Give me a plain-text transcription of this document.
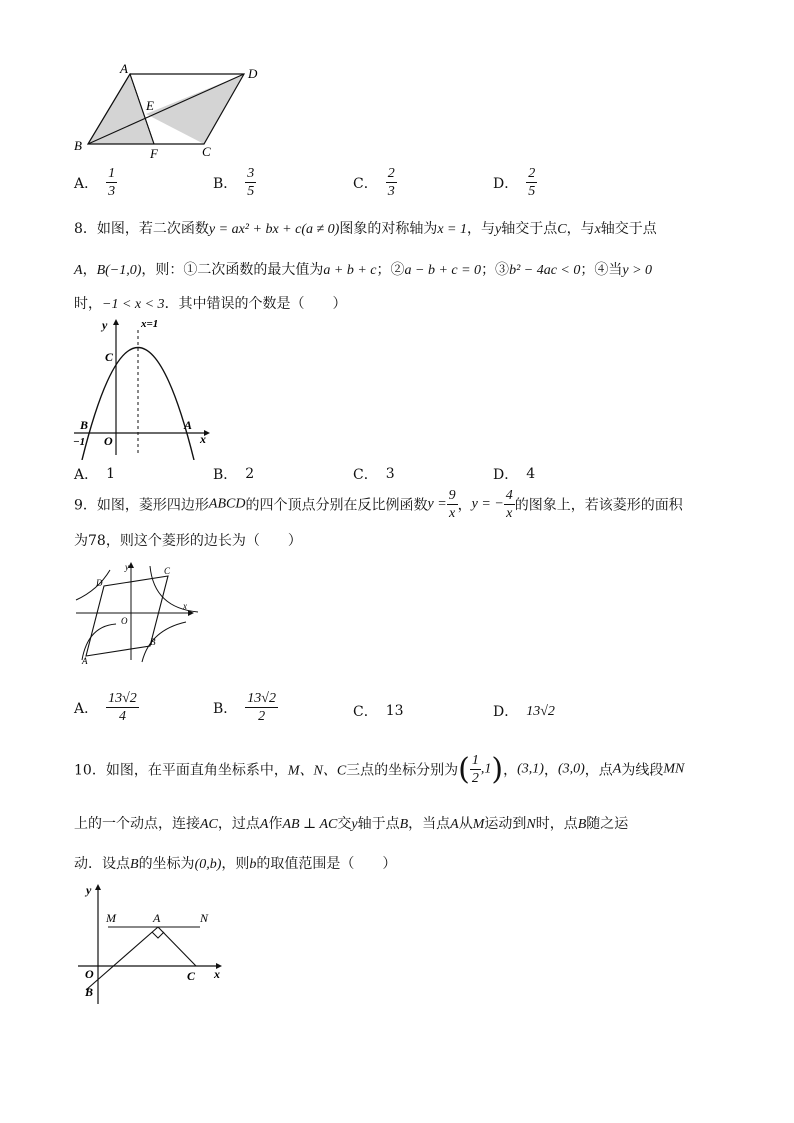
A	D
E
B
F	C
A． $\frac{1}{3}$	B． $\frac{3}{5}$	C． $\frac{2}{3}$	D． $\frac{2}{5}$
8．如图，若二次函数y = ax² + bx + c(a ≠ 0)图象的对称轴为x = 1，与y轴交于点C，与x轴交于点
A，B(−1,0)，则：①二次函数的最大值为a + b + c；②a − b + c = 0；③b² − 4ac < 0；④当y > 0
时，−1 < x < 3．其中错误的个数是（　　）
y	x=1
C
B
−1 O
A
x
A． 1	B． 2	C． 3	D． 4
9．如图，菱形四边形ABCD的四个顶点分别在反比例函数$y = \frac{9}{x}$ ，y = − $\frac{4}{x}$ 的图象上，若该菱形的面积
为78，则这个菱形的边长为（　　）
D
y	C
O
x
B
A
A． $\frac{13√2}{4}$	B． $\frac{13√2}{2}$	C． 13	D． 13√2
10．如图，在平面直角坐标系中，M、N、C三点的坐标分别为( $\frac{1}{2} ,1$)，(3,1)，(3,0)，点A为线段MN
上的一个动点，连接AC，过点A作AB ⊥ AC交y轴于点B，当点A从M运动到N时，点B随之运
动．设点B的坐标为(0,b)，则b的取值范围是（　　）
y
M	A	N
O	C x
B
